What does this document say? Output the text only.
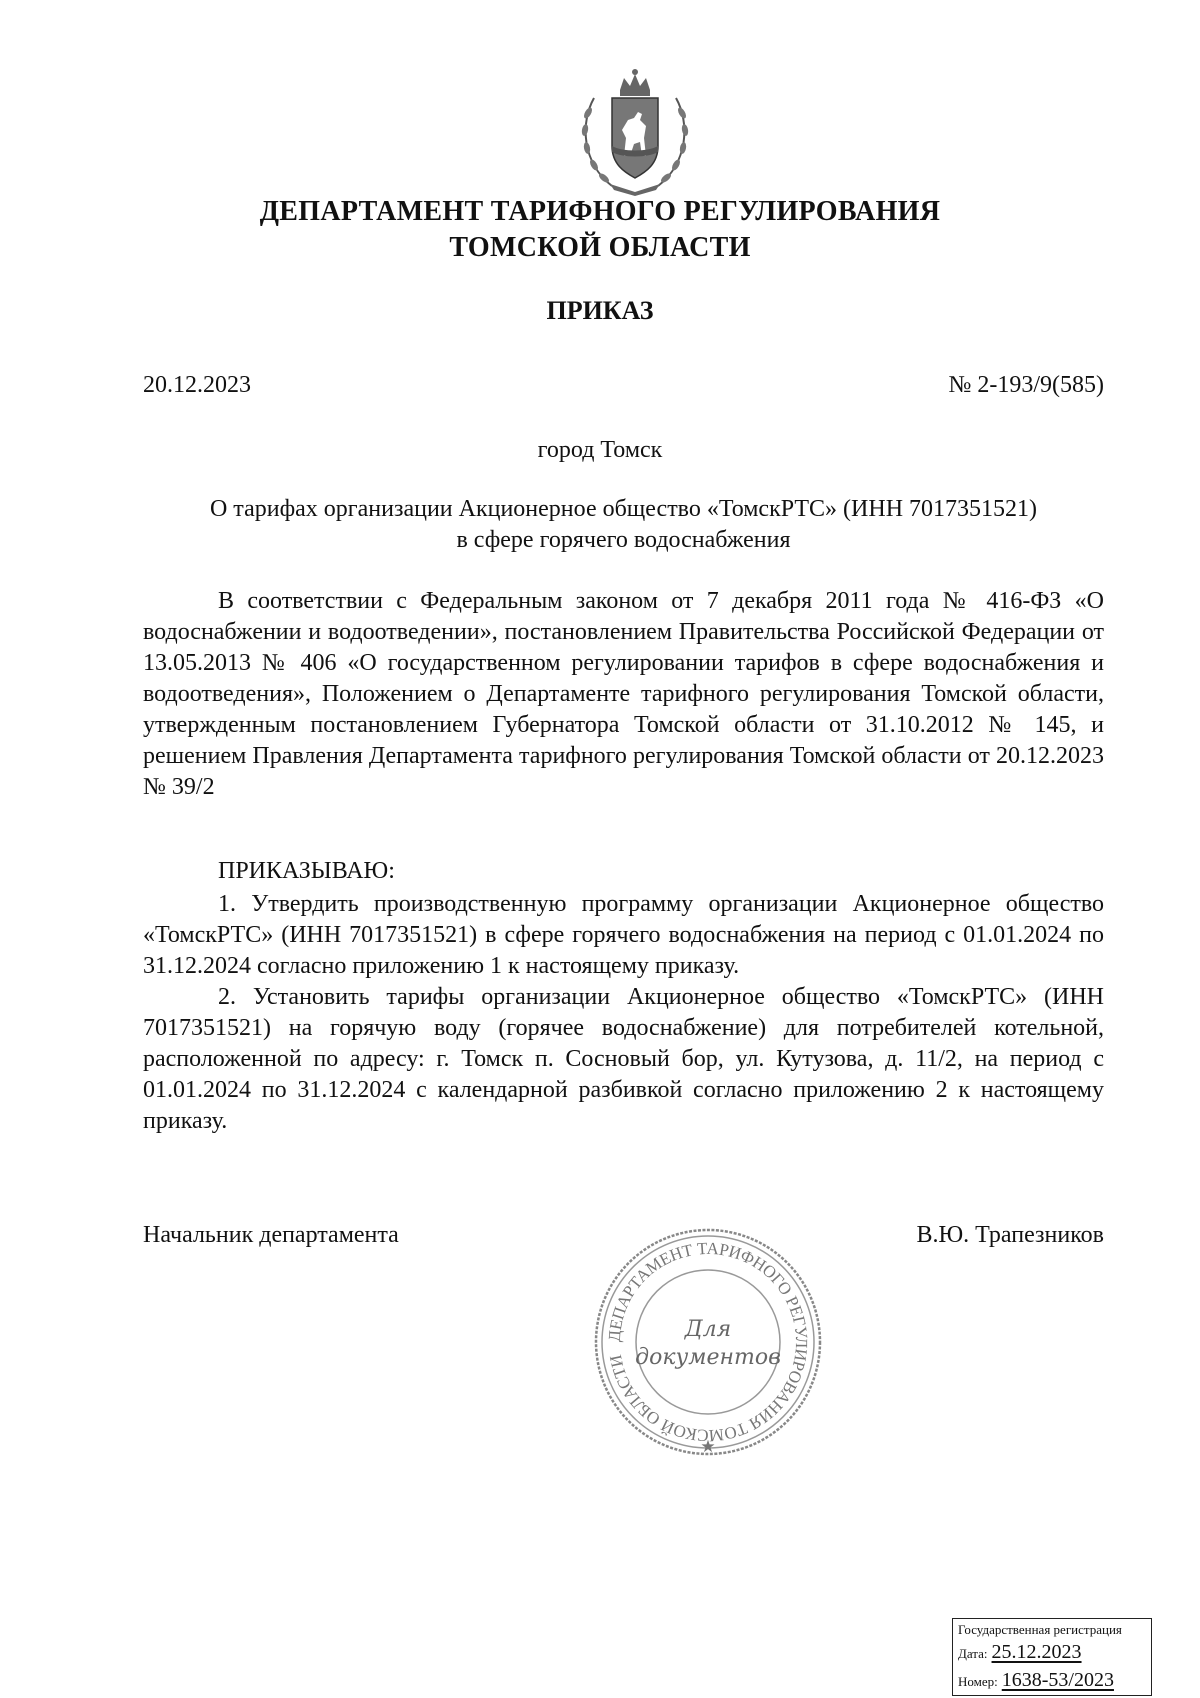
ДЕПАРТАМЕНТ ТАРИФНОГО РЕГУЛИРОВАНИЯ
ТОМСКОЙ ОБЛАСТИ
ПРИКАЗ
20.12.2023	№ 2-193/9(585)
город Томск
О тарифах организации Акционерное общество «ТомскРТС» (ИНН 7017351521)
в сфере горячего водоснабжения
В соответствии с Федеральным законом от 7 декабря 2011 года № 416-ФЗ «О водоснабжении и водоотведении», постановлением Правительства Российской Федерации от 13.05.2013 № 406 «О государственном регулировании тарифов в сфере водоснабжения и водоотведения», Положением о Департаменте тарифного регулирования Томской области, утвержденным постановлением Губернатора Томской области от 31.10.2012 № 145, и решением Правления Департамента тарифного регулирования Томской области от 20.12.2023 № 39/2
ПРИКАЗЫВАЮ:

1. Утвердить производственную программу организации Акционерное общество «ТомскРТС» (ИНН 7017351521) в сфере горячего водоснабжения на период с 01.01.2024 по 31.12.2024 согласно приложению 1 к настоящему приказу.

2. Установить тарифы организации Акционерное общество «ТомскРТС» (ИНН 7017351521) на горячую воду (горячее водоснабжение) для потребителей котельной, расположенной по адресу: г. Томск п. Сосновый бор, ул. Кутузова, д. 11/2, на период с 01.01.2024 по 31.12.2024 с календарной разбивкой согласно приложению 2 к настоящему приказу.

Начальник департамента	В.Ю. Трапезников
ДЕПАРТАМЕНТ ТАРИФНОГО РЕГУЛИРОВАНИЯ ТОМСКОЙ ОБЛАСТИ
★
Для
документов
Государственная регистрация
Дата: 25.12.2023
Номер: 1638-53/2023
